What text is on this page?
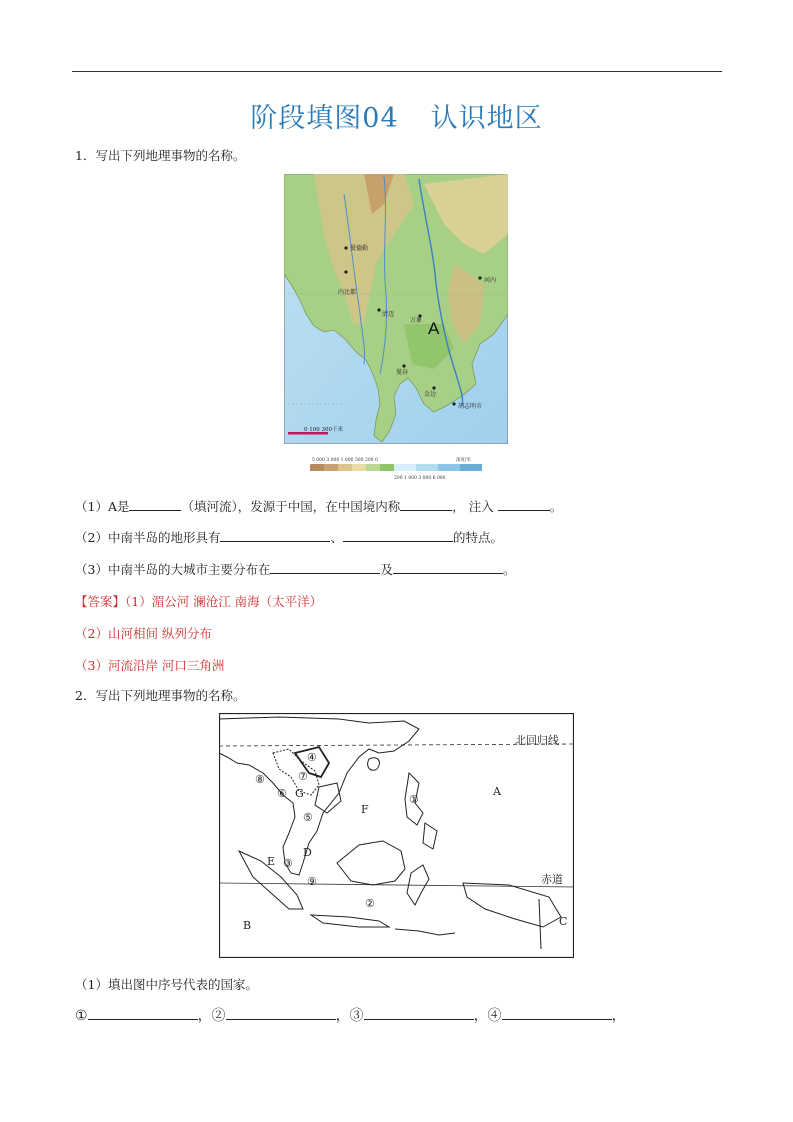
阶段填图04 认识地区
1．写出下列地理事物的名称。
曼德勒
内比都
河内
清迈
万象
曼谷
金边
胡志明市
A
0 100 300千米
5 000 3 000 1 000 500 200 0	深度/米
200 1 000 3 000 6 000
（1）A是	（填河流），发源于中国，在中国境内称	， 注入	。
（2）中南半岛的地形具有	、	的特点。
（3）中南半岛的大城市主要分布在	及	。
【答案】（1）湄公河 澜沧江 南海（太平洋）
（2）山河相间 纵列分布
（3）河流沿岸 河口三角洲
2．写出下列地理事物的名称。
北回归线
赤道
④
⑧	⑦
⑥ G
⑤
D
E ③
⑨
F
①
A
②
B	C
（1）填出图中序号代表的国家。
①	，②	，③	，④	，
